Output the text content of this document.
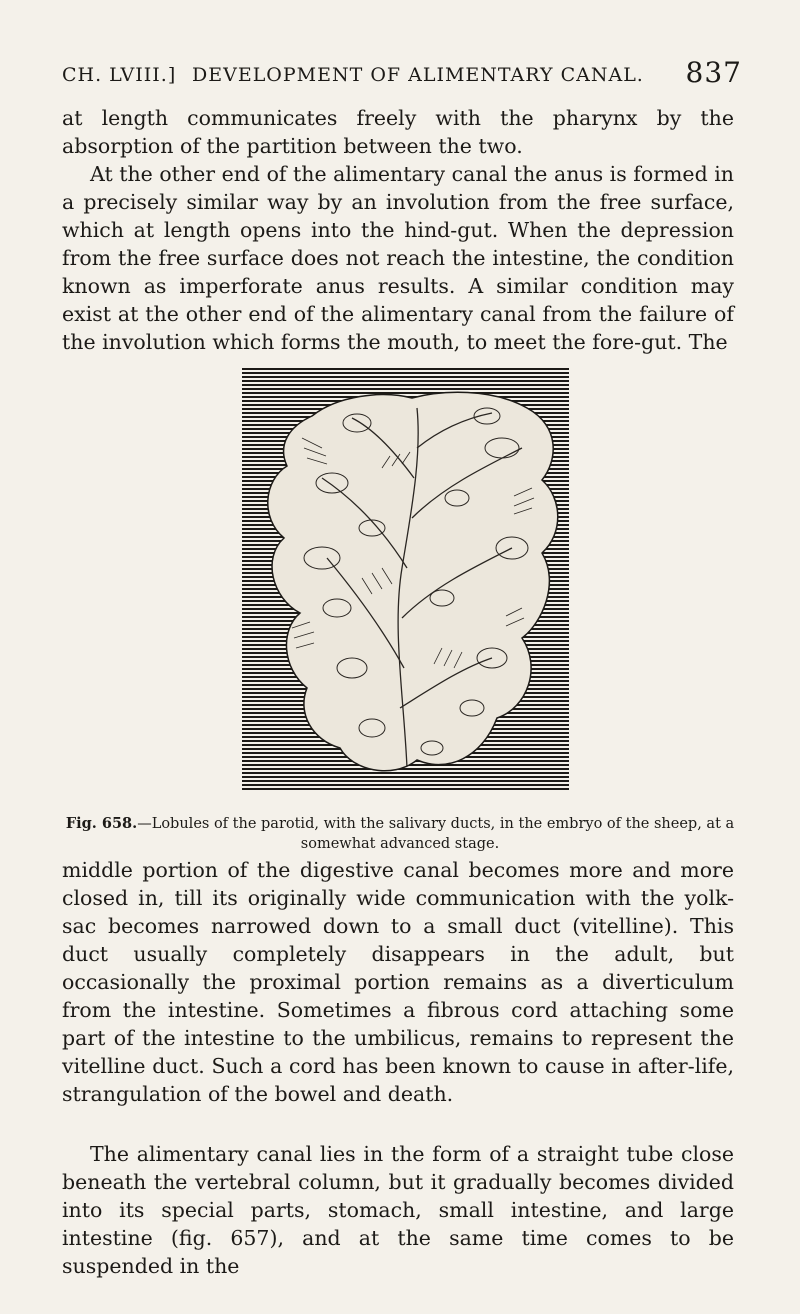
CH. LVIII.] DEVELOPMENT OF ALIMENTARY CANAL. 837

at length communicates freely with the pharynx by the absorption of the partition between the two.

At the other end of the alimentary canal the anus is formed in a precisely similar way by an involution from the free surface, which at length opens into the hind-gut. When the depression from the free surface does not reach the intestine, the condition known as imperforate anus results. A similar condition may exist at the other end of the alimentary canal from the failure of the involution which forms the mouth, to meet the fore-gut. The

Fig. 658.—Lobules of the parotid, with the salivary ducts, in the embryo of the sheep, at a somewhat advanced stage.

middle portion of the digestive canal becomes more and more closed in, till its originally wide communication with the yolk-sac becomes narrowed down to a small duct (vitelline). This duct usually completely disappears in the adult, but occasionally the proximal portion remains as a diverticulum from the intestine. Sometimes a fibrous cord attaching some part of the intestine to the umbilicus, remains to represent the vitelline duct. Such a cord has been known to cause in after-life, strangulation of the bowel and death.

The alimentary canal lies in the form of a straight tube close beneath the vertebral column, but it gradually becomes divided into its special parts, stomach, small intestine, and large intestine (fig. 657), and at the same time comes to be suspended in the
